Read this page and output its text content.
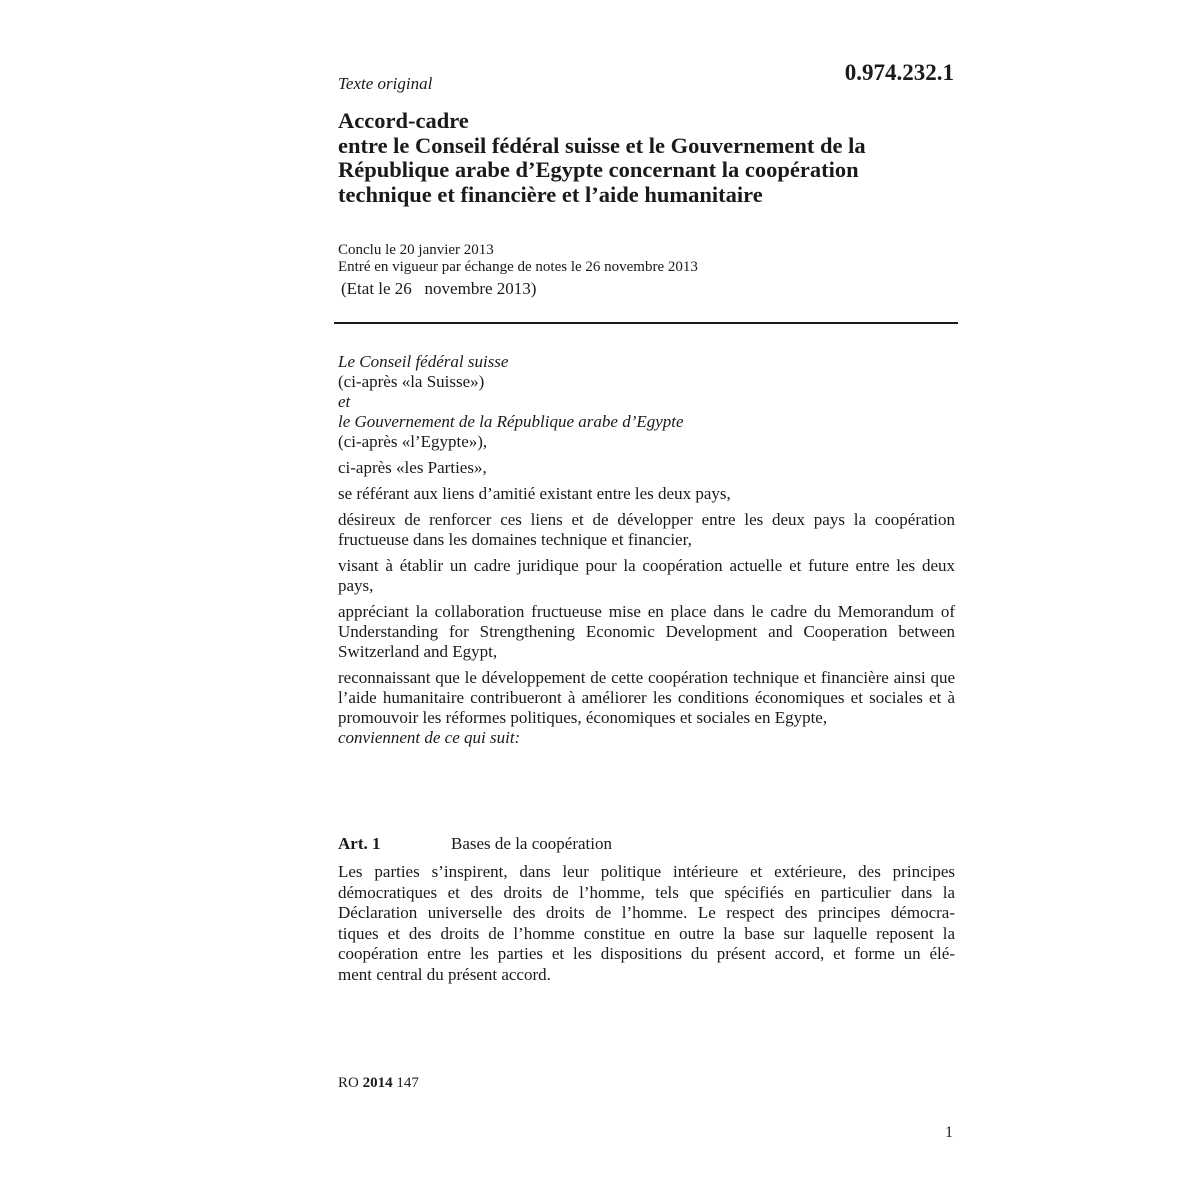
Texte original	0.974.232.1
Accord-cadre
entre le Conseil fédéral suisse et le Gouvernement de la
République arabe d’Egypte concernant la coopération
technique et financière et l’aide humanitaire
Conclu le 20 janvier 2013
Entré en vigueur par échange de notes le 26 novembre 2013
(Etat le 26   novembre 2013)
Le Conseil fédéral suisse
(ci-après «la Suisse»)
et
le Gouvernement de la République arabe d’Egypte
(ci-après «l’Egypte»),
ci-après «les Parties»,
se référant aux liens d’amitié existant entre les deux pays,
désireux de renforcer ces liens et de développer entre les deux pays la coopération fructueuse dans les domaines technique et financier,
visant à établir un cadre juridique pour la coopération actuelle et future entre les deux pays,
appréciant la collaboration fructueuse mise en place dans le cadre du Memorandum of Understanding for Strengthening Economic Development and Cooperation between Switzerland and Egypt,
reconnaissant que le développement de cette coopération technique et financière ainsi que l’aide humanitaire contribueront à améliorer les conditions économiques et sociales et à promouvoir les réformes politiques, économiques et sociales en Egypte,
conviennent de ce qui suit:
Art. 1	Bases de la coopération
Les parties s’inspirent, dans leur politique intérieure et extérieure, des principes
démocratiques et des droits de l’homme, tels que spécifiés en particulier dans la
Déclaration universelle des droits de l’homme. Le respect des principes démocra-
tiques et des droits de l’homme constitue en outre la base sur laquelle reposent la
coopération entre les parties et les dispositions du présent accord, et forme un élé-
ment central du présent accord.
RO 2014 147
1
